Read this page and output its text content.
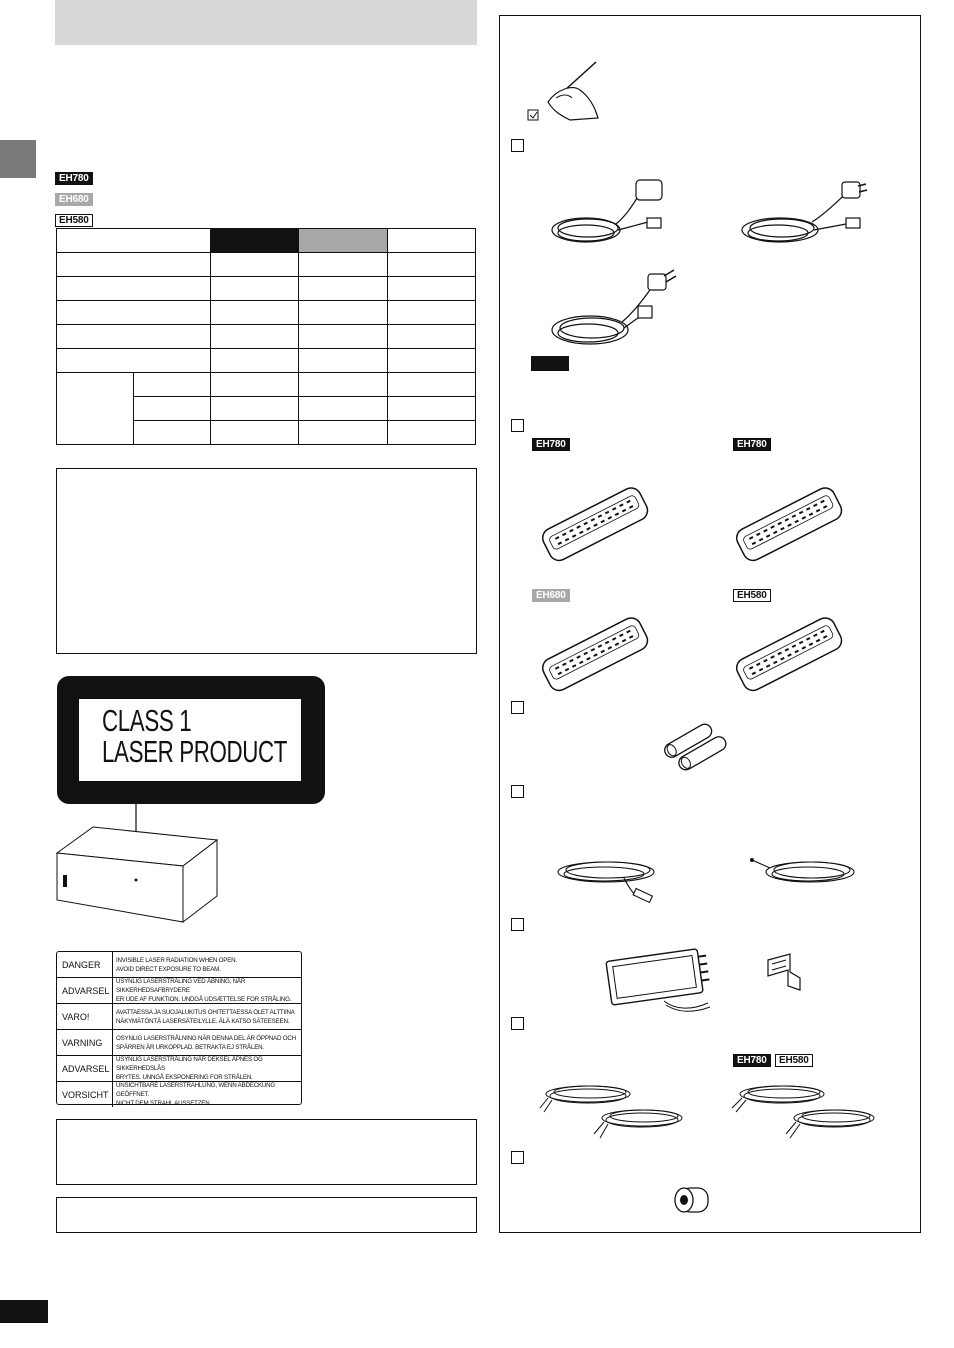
EH780
EH680
EH580

CLASS 1
LASER PRODUCT
DANGER	INVISIBLE LASER RADIATION WHEN OPEN.
AVOID DIRECT EXPOSURE TO BEAM.
ADVARSEL
USYNLIG LASERSTRÅLING VED ÅBNING, NÅR SIKKERHEDSAFBRYDERE
ER UDE AF FUNKTION. UNDGÅ UDSÆTTELSE FOR STRÅLING.
VARO!	AVATTAESSA JA SUOJALUKITUS OHITETTAESSA OLET ALTTIINA
NÄKYMÄTÖNTÄ LASERSÄTEILYLLE. ÄLÄ KATSO SÄTEESEEN.
VARNING	OSYNLIG LASERSTRÅLNING NÄR DENNA DEL ÄR ÖPPNAD OCH
SPÄRREN ÄR URKOPPLAD. BETRAKTA EJ STRÅLEN.
ADVARSEL
USYNLIG LASERSTRÅLING NÅR DEKSEL ÅPNES OG SIKKERHEDSLÅS
BRYTES. UNNGÅ EKSPONERING FOR STRÅLEN.
VORSICHT
UNSICHTBARE LASERSTRAHLUNG, WENN ABDECKUNG GEÖFFNET.
NICHT DEM STRAHL AUSSETZEN.
EH780	EH780
EH680	EH580
EH780 EH580
